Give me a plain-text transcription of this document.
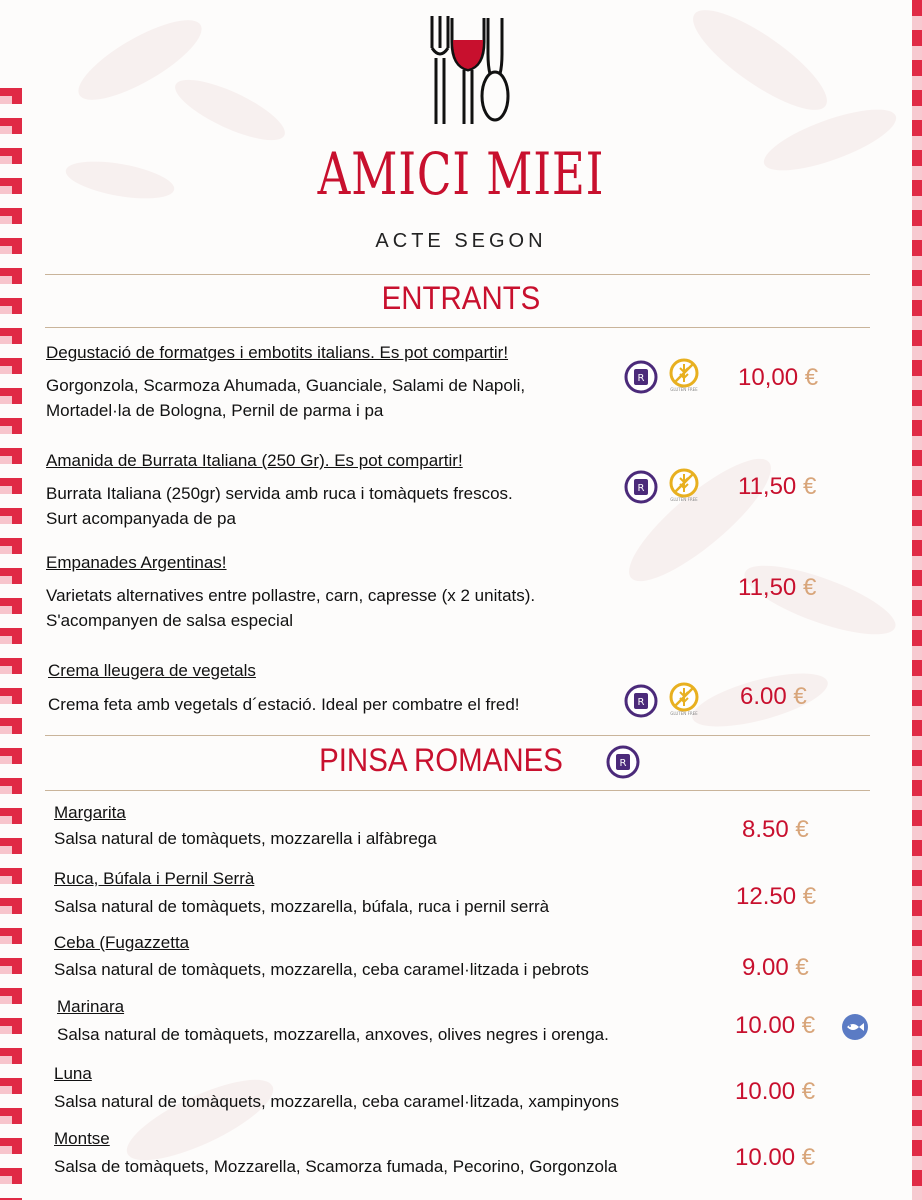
AMICI MIEI
ACTE SEGON
ENTRANTS
Degustació de formatges i embotits italians. Es pot compartir!
Gorgonzola, Scarmoza Ahumada, Guanciale, Salami de Napoli,
Mortadel·la de Bologna, Pernil de parma i pa
10,00 €
Amanida de Burrata Italiana (250 Gr). Es pot compartir!
Burrata Italiana (250gr) servida amb ruca i tomàquets frescos.
Surt acompanyada de pa
11,50 €
Empanades Argentinas!
Varietats alternatives entre pollastre, carn, capresse (x 2 unitats).
S'acompanyen de salsa especial
11,50 €
Crema lleugera de vegetals
Crema feta amb vegetals d´estació. Ideal per combatre el fred!	6.00 €
R
GLUTEN FREE
R
GLUTEN FREE
R
GLUTEN FREE
PINSA ROMANES	R
Margarita
Salsa natural de tomàquets, mozzarella i alfàbrega	8.50 €
Ruca, Búfala i Pernil Serrà
Salsa natural de tomàquets, mozzarella, búfala, ruca i pernil serrà	12.50 €
Ceba (Fugazzetta
Salsa natural de tomàquets, mozzarella, ceba caramel·litzada i pebrots	9.00 €
Marinara
Salsa natural de tomàquets, mozzarella, anxoves, olives negres i orenga.	10.00 €
Luna
Salsa natural de tomàquets, mozzarella, ceba caramel·litzada, xampinyons	10.00 €
Montse
Salsa de tomàquets, Mozzarella, Scamorza fumada, Pecorino, Gorgonzola	10.00 €
